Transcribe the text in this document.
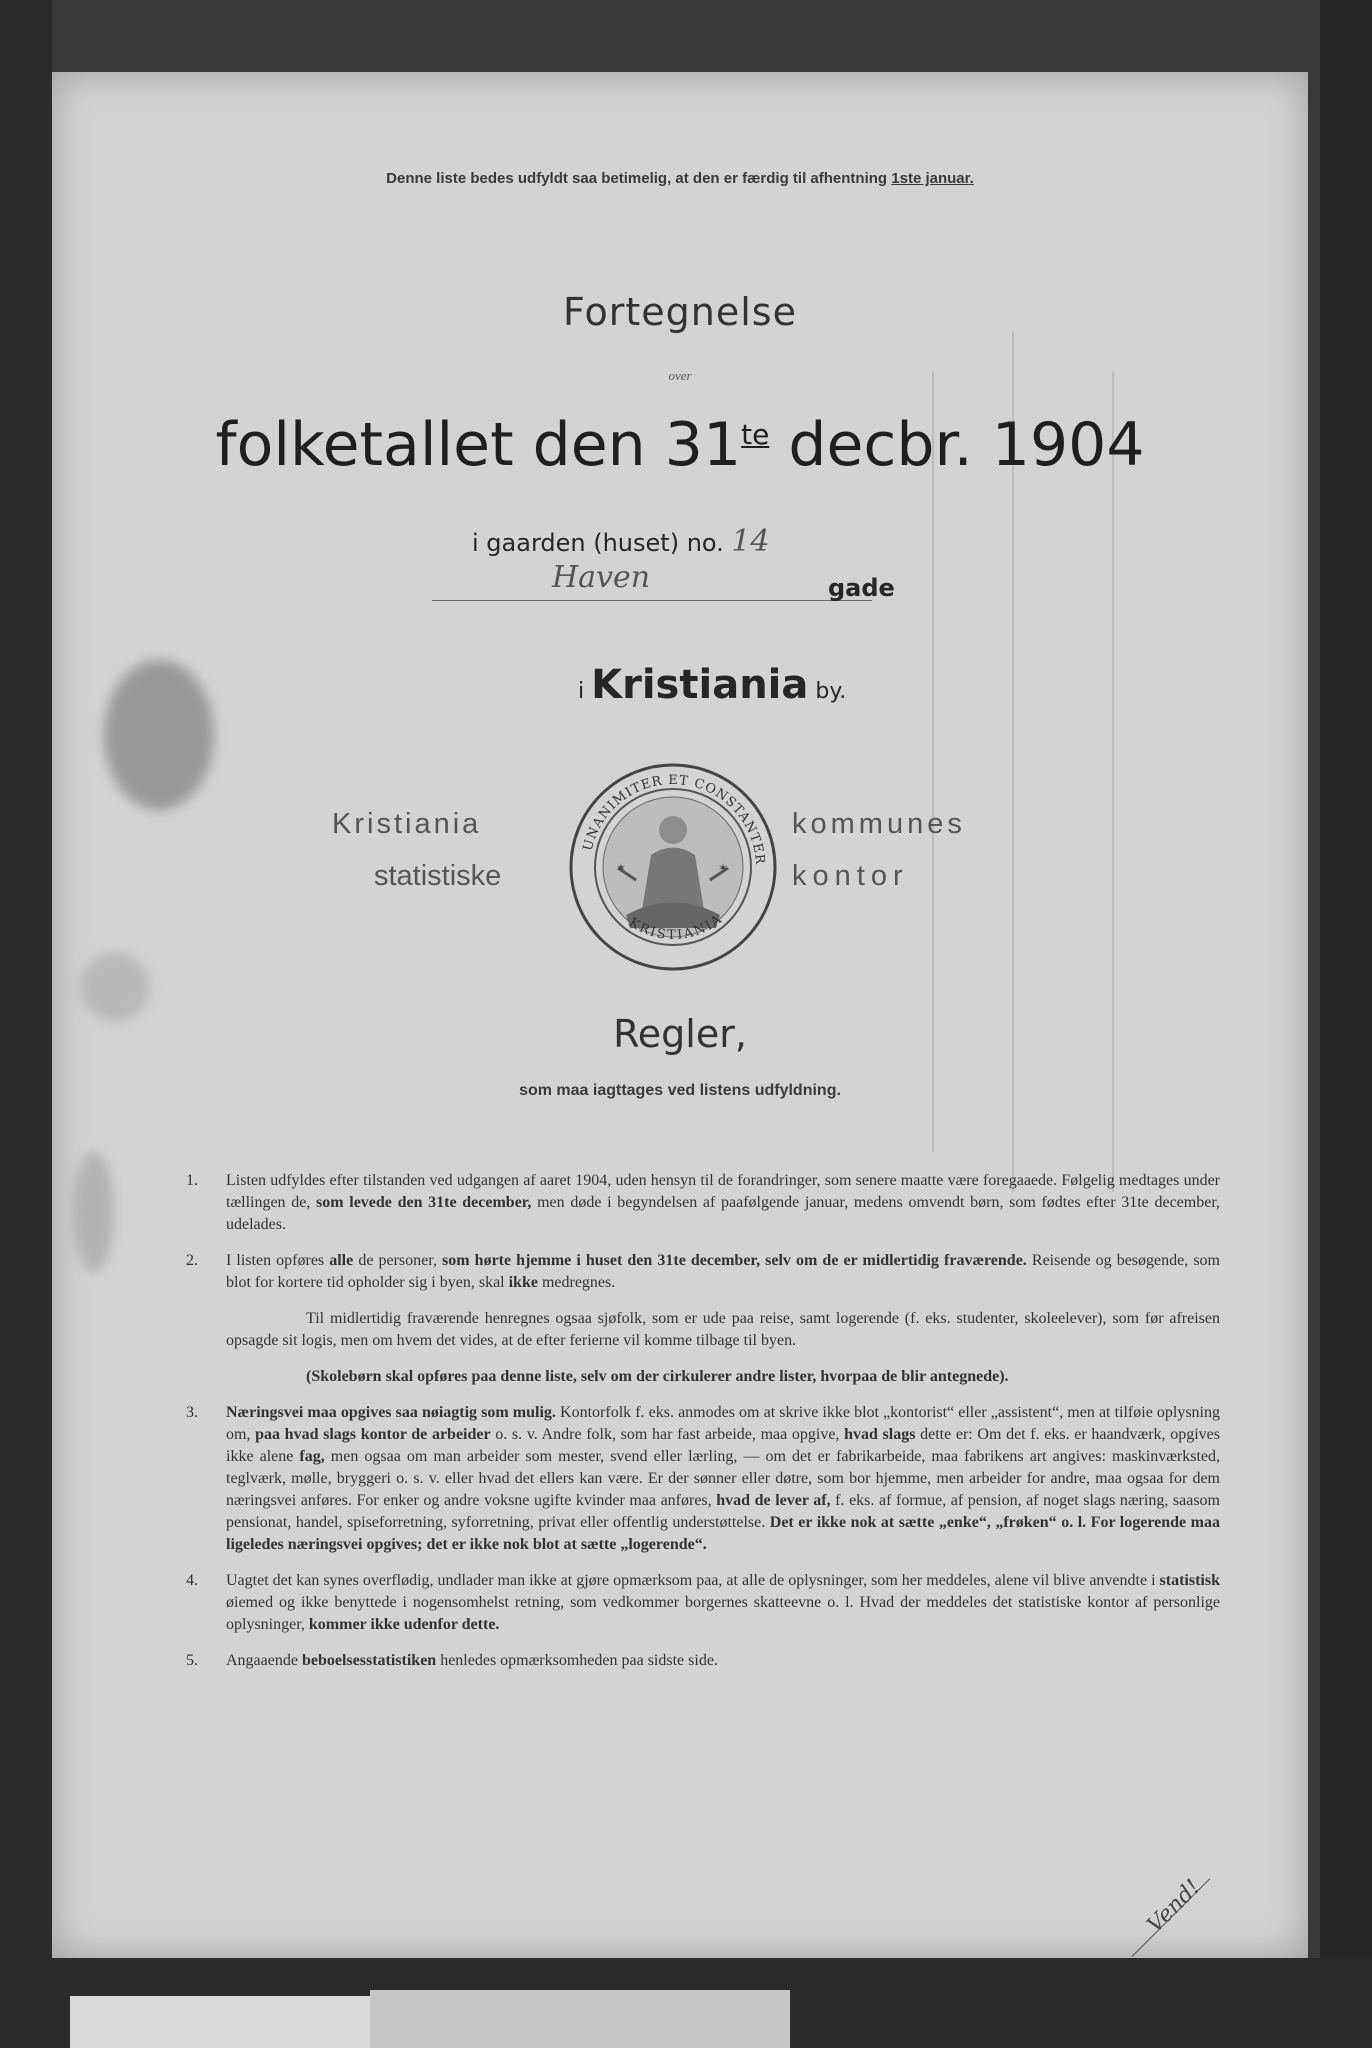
Denne liste bedes udfyldt saa betimelig, at den er færdig til afhentning 1ste januar.
Fortegnelse
over
folketallet den $31^{te}$ decbr. 1904
i gaarden (huset) no. 14
Haven	gade
i Kristiania by.
Kristiania
statistiske
kommunes
kontor
✶	✶
UNANIMITER ET CONSTANTER
KRISTIANIA
Regler,
som maa iagttages ved listens udfyldning.
1. Listen udfyldes efter tilstanden ved udgangen af aaret 1904, uden hensyn til de forandringer, som senere maatte være foregaaede. Følgelig medtages under tællingen de, som levede den 31te december, men døde i begyndelsen af paafølgende januar, medens omvendt børn, som fødtes efter 31te december, udelades.
2. I listen opføres alle de personer, som hørte hjemme i huset den 31te december, selv om de er midlertidig fraværende. Reisende og besøgende, som blot for kortere tid opholder sig i byen, skal ikke medregnes.
Til midlertidig fraværende henregnes ogsaa sjøfolk, som er ude paa reise, samt logerende (f. eks. studenter, skoleelever), som før afreisen opsagde sit logis, men om hvem det vides, at de efter ferierne vil komme tilbage til byen.
(Skolebørn skal opføres paa denne liste, selv om der cirkulerer andre lister, hvorpaa de blir antegnede).
3. Næringsvei maa opgives saa nøiagtig som mulig. Kontorfolk f. eks. anmodes om at skrive ikke blot „kontorist“ eller „assistent“, men at tilføie oplysning om, paa hvad slags kontor de arbeider o. s. v. Andre folk, som har fast arbeide, maa opgive, hvad slags dette er: Om det f. eks. er haandværk, opgives ikke alene fag, men ogsaa om man arbeider som mester, svend eller lærling, — om det er fabrikarbeide, maa fabrikens art angives: maskinværksted, teglværk, mølle, bryggeri o. s. v. eller hvad det ellers kan være. Er der sønner eller døtre, som bor hjemme, men arbeider for andre, maa ogsaa for dem næringsvei anføres. For enker og andre voksne ugifte kvinder maa anføres, hvad de lever af, f. eks. af formue, af pension, af noget slags næring, saasom pensionat, handel, spiseforretning, syforretning, privat eller offentlig understøttelse. Det er ikke nok at sætte „enke“, „frøken“ o. l. For logerende maa ligeledes næringsvei opgives; det er ikke nok blot at sætte „logerende“.
4. Uagtet det kan synes overflødig, undlader man ikke at gjøre opmærksom paa, at alle de oplysninger, som her meddeles, alene vil blive anvendte i statistisk øiemed og ikke benyttede i nogensomhelst retning, som vedkommer borgernes skatteevne o. l. Hvad der meddeles det statistiske kontor af personlige oplysninger, kommer ikke udenfor dette.
5. Angaaende beboelsesstatistiken henledes opmærksomheden paa sidste side.
Vend!
